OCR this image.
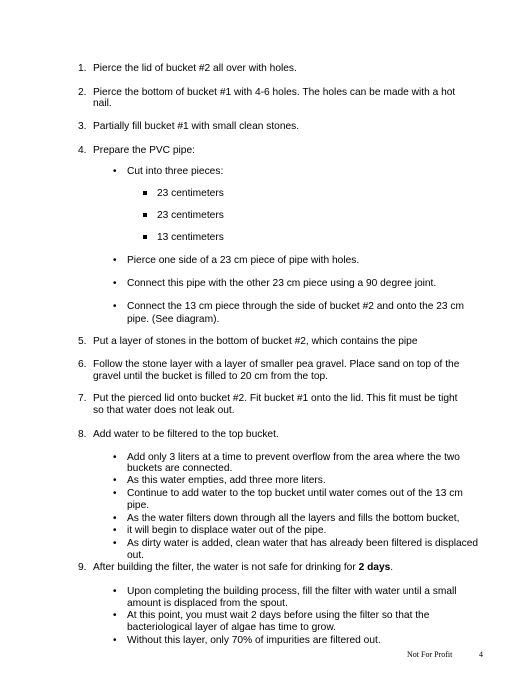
1. Pierce the lid of bucket #2 all over with holes.
2. Pierce the bottom of bucket #1 with 4-6 holes. The holes can be made with a hot
nail.
3. Partially fill bucket #1 with small clean stones.
4. Prepare the PVC pipe:
• Cut into three pieces:
23 centimeters
23 centimeters
13 centimeters
• Pierce one side of a 23 cm piece of pipe with holes.
• Connect this pipe with the other 23 cm piece using a 90 degree joint.
• Connect the 13 cm piece through the side of bucket #2 and onto the 23 cm
pipe. (See diagram).
5. Put a layer of stones in the bottom of bucket #2, which contains the pipe
6. Follow the stone layer with a layer of smaller pea gravel. Place sand on top of the
gravel until the bucket is filled to 20 cm from the top.
7. Put the pierced lid onto bucket #2. Fit bucket #1 onto the lid. This fit must be tight
so that water does not leak out.
8. Add water to be filtered to the top bucket.
• Add only 3 liters at a time to prevent overflow from the area where the two
buckets are connected.
• As this water empties, add three more liters.
• Continue to add water to the top bucket until water comes out of the 13 cm
pipe.
• As the water filters down through all the layers and fills the bottom bucket,
• it will begin to displace water out of the pipe.
• As dirty water is added, clean water that has already been filtered is displaced
out.
9. After building the filter, the water is not safe for drinking for 2 days.
• Upon completing the building process, fill the filter with water until a small
amount is displaced from the spout.
• At this point, you must wait 2 days before using the filter so that the
bacteriological layer of algae has time to grow.
• Without this layer, only 70% of impurities are filtered out.
Not For Profit	4
